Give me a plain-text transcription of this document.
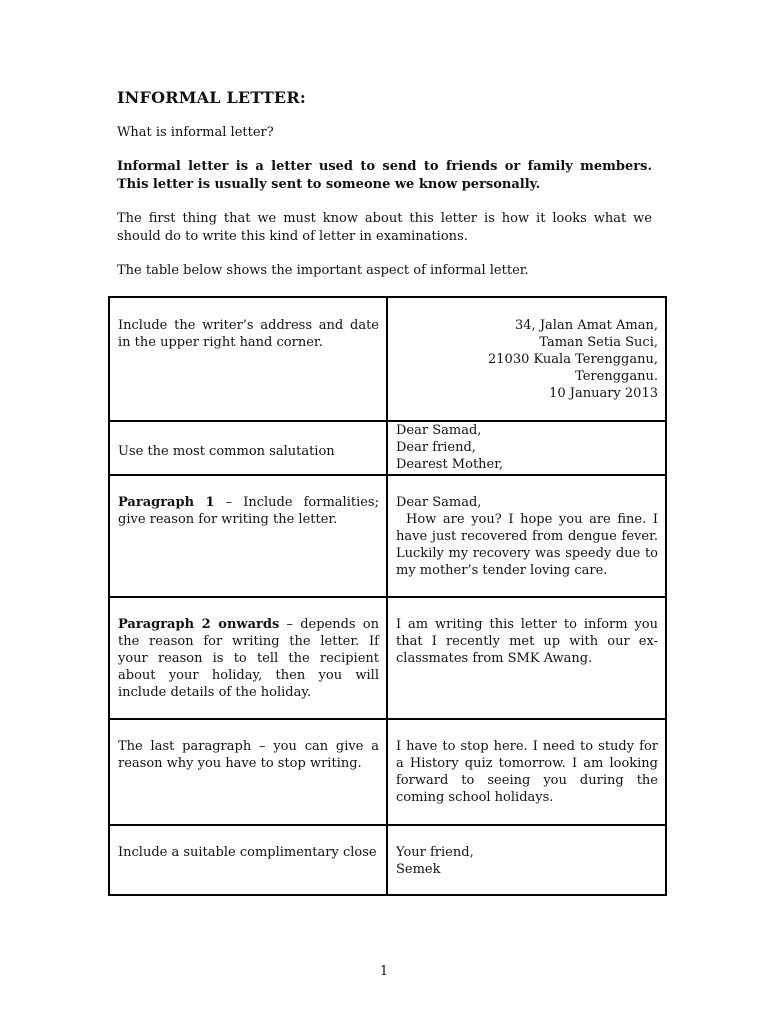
INFORMAL LETTER:

What is informal letter?

Informal letter is a letter used to send to friends or family members. This letter is usually sent to someone we know personally.

The first thing that we must know about this letter is how it looks what we should do to write this kind of letter in examinations.

The table below shows the important aspect of informal letter.

Include the writer’s address and date in the upper right hand corner.	34, Jalan Amat Aman,
Taman Setia Suci,
21030 Kuala Terengganu,
Terengganu.
10 January 2013

Use the most common salutation	Dear Samad,
Dear friend,
Dearest Mother,

Paragraph 1 – Include formalities; give reason for writing the letter.	Dear Samad,
How are you? I hope you are fine. I have just recovered from dengue fever. Luckily my recovery was speedy due to my mother’s tender loving care.

Paragraph 2 onwards – depends on the reason for writing the letter. If your reason is to tell the recipient about your holiday, then you will include details of the holiday.	I am writing this letter to inform you that I recently met up with our ex-classmates from SMK Awang.

The last paragraph – you can give a reason why you have to stop writing.	I have to stop here. I need to study for a History quiz tomorrow. I am looking forward to seeing you during the coming school holidays.

Include a suitable complimentary close	Your friend,
Semek
1
